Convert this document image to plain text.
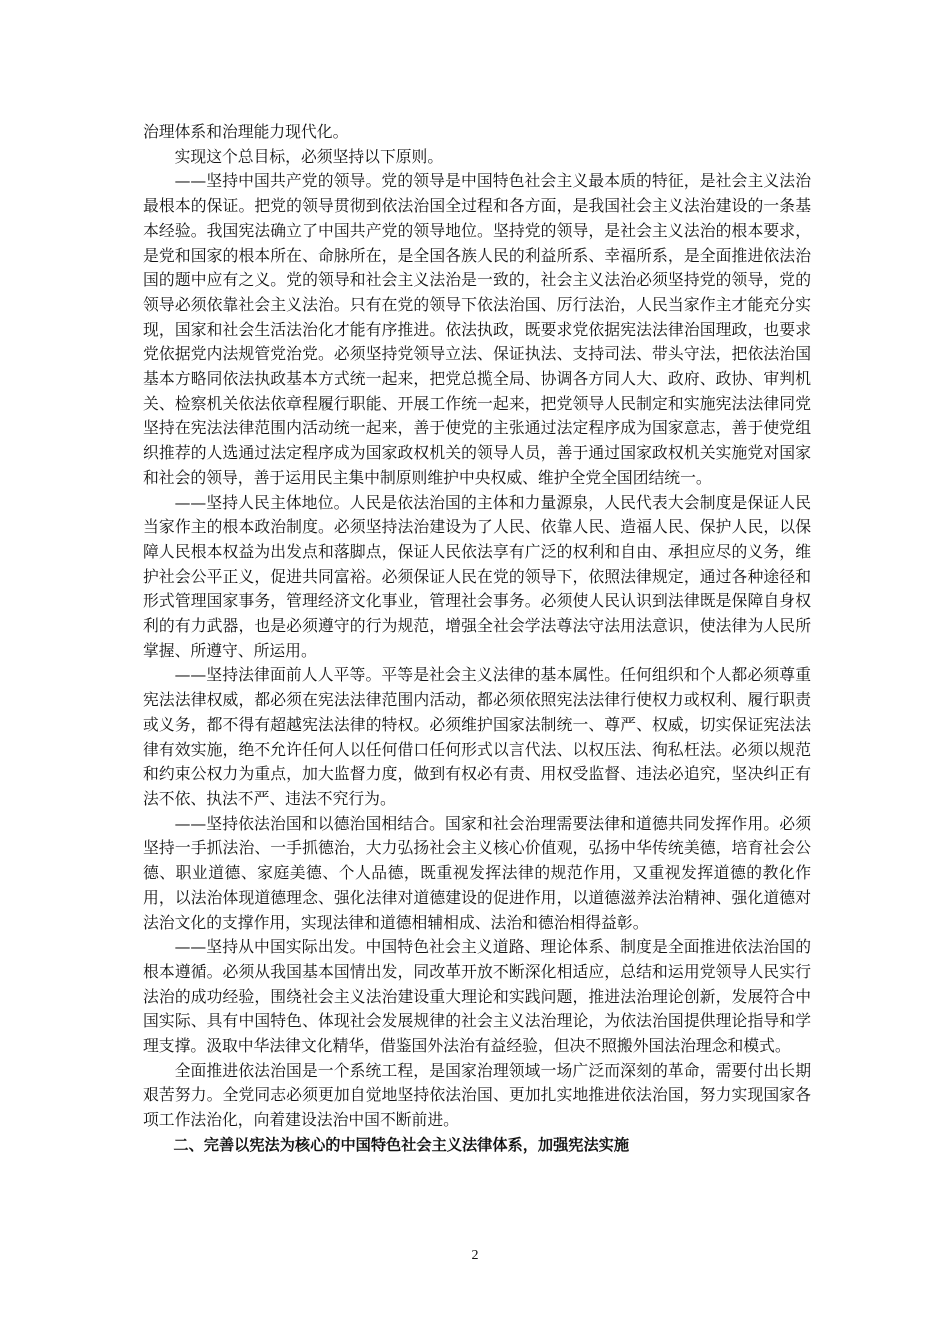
治理体系和治理能力现代化。

实现这个总目标，必须坚持以下原则。

——坚持中国共产党的领导。党的领导是中国特色社会主义最本质的特征，是社会主义法治最根本的保证。把党的领导贯彻到依法治国全过程和各方面，是我国社会主义法治建设的一条基本经验。我国宪法确立了中国共产党的领导地位。坚持党的领导，是社会主义法治的根本要求，是党和国家的根本所在、命脉所在，是全国各族人民的利益所系、幸福所系，是全面推进依法治国的题中应有之义。党的领导和社会主义法治是一致的，社会主义法治必须坚持党的领导，党的领导必须依靠社会主义法治。只有在党的领导下依法治国、厉行法治，人民当家作主才能充分实现，国家和社会生活法治化才能有序推进。依法执政，既要求党依据宪法法律治国理政，也要求党依据党内法规管党治党。必须坚持党领导立法、保证执法、支持司法、带头守法，把依法治国基本方略同依法执政基本方式统一起来，把党总揽全局、协调各方同人大、政府、政协、审判机关、检察机关依法依章程履行职能、开展工作统一起来，把党领导人民制定和实施宪法法律同党坚持在宪法法律范围内活动统一起来，善于使党的主张通过法定程序成为国家意志，善于使党组织推荐的人选通过法定程序成为国家政权机关的领导人员，善于通过国家政权机关实施党对国家和社会的领导，善于运用民主集中制原则维护中央权威、维护全党全国团结统一。

——坚持人民主体地位。人民是依法治国的主体和力量源泉，人民代表大会制度是保证人民当家作主的根本政治制度。必须坚持法治建设为了人民、依靠人民、造福人民、保护人民，以保障人民根本权益为出发点和落脚点，保证人民依法享有广泛的权利和自由、承担应尽的义务，维护社会公平正义，促进共同富裕。必须保证人民在党的领导下，依照法律规定，通过各种途径和形式管理国家事务，管理经济文化事业，管理社会事务。必须使人民认识到法律既是保障自身权利的有力武器，也是必须遵守的行为规范，增强全社会学法尊法守法用法意识，使法律为人民所掌握、所遵守、所运用。

——坚持法律面前人人平等。平等是社会主义法律的基本属性。任何组织和个人都必须尊重宪法法律权威，都必须在宪法法律范围内活动，都必须依照宪法法律行使权力或权利、履行职责或义务，都不得有超越宪法法律的特权。必须维护国家法制统一、尊严、权威，切实保证宪法法律有效实施，绝不允许任何人以任何借口任何形式以言代法、以权压法、徇私枉法。必须以规范和约束公权力为重点，加大监督力度，做到有权必有责、用权受监督、违法必追究，坚决纠正有法不依、执法不严、违法不究行为。

——坚持依法治国和以德治国相结合。国家和社会治理需要法律和道德共同发挥作用。必须坚持一手抓法治、一手抓德治，大力弘扬社会主义核心价值观，弘扬中华传统美德，培育社会公德、职业道德、家庭美德、个人品德，既重视发挥法律的规范作用，又重视发挥道德的教化作用，以法治体现道德理念、强化法律对道德建设的促进作用，以道德滋养法治精神、强化道德对法治文化的支撑作用，实现法律和道德相辅相成、法治和德治相得益彰。

——坚持从中国实际出发。中国特色社会主义道路、理论体系、制度是全面推进依法治国的根本遵循。必须从我国基本国情出发，同改革开放不断深化相适应，总结和运用党领导人民实行法治的成功经验，围绕社会主义法治建设重大理论和实践问题，推进法治理论创新，发展符合中国实际、具有中国特色、体现社会发展规律的社会主义法治理论，为依法治国提供理论指导和学理支撑。汲取中华法律文化精华，借鉴国外法治有益经验，但决不照搬外国法治理念和模式。

全面推进依法治国是一个系统工程，是国家治理领域一场广泛而深刻的革命，需要付出长期艰苦努力。全党同志必须更加自觉地坚持依法治国、更加扎实地推进依法治国，努力实现国家各项工作法治化，向着建设法治中国不断前进。

二、完善以宪法为核心的中国特色社会主义法律体系，加强宪法实施

2
